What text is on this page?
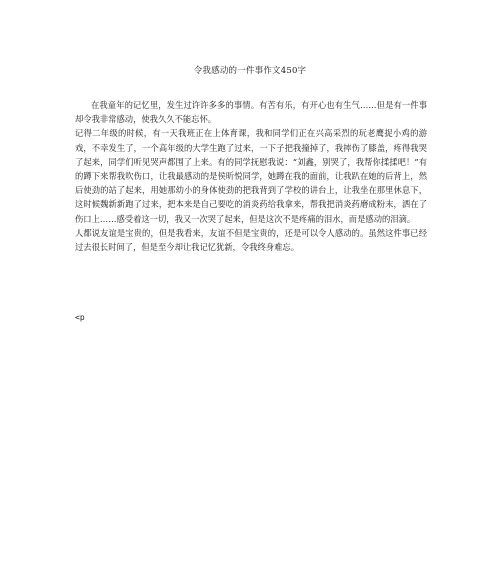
令我感动的一件事作文450字

在我童年的记忆里，发生过许许多多的事情。有苦有乐，有开心也有生气……但是有一件事却令我非常感动，使我久久不能忘怀。

记得二年级的时候，有一天我班正在上体育课，我和同学们正在兴高采烈的玩老鹰捉小鸡的游戏，不幸发生了，一个高年级的大学生跑了过来，一下子把我撞掉了，我摔伤了膝盖，疼得我哭了起来，同学们听见哭声都围了上来。有的同学抚慰我说：“刘鑫，别哭了，我帮你揉揉吧！”有的蹲下来帮我吹伤口，让我最感动的是侯昕悦同学，她蹲在我的面前，让我趴在她的后背上，然后使劲的站了起来，用她那幼小的身体使劲的把我背到了学校的讲台上，让我坐在那里休息下，这时候魏新新跑了过来，把本来是自己要吃的消炎药给我拿来，帮我把消炎药磨成粉末，洒在了伤口上……感受着这一切，我又一次哭了起来，但是这次不是疼痛的泪水，而是感动的泪滴。

人都说友谊是宝贵的，但是我看来，友谊不但是宝贵的，还是可以令人感动的。虽然这件事已经过去很长时间了，但是至今却让我记忆犹新，令我终身难忘。

<p
